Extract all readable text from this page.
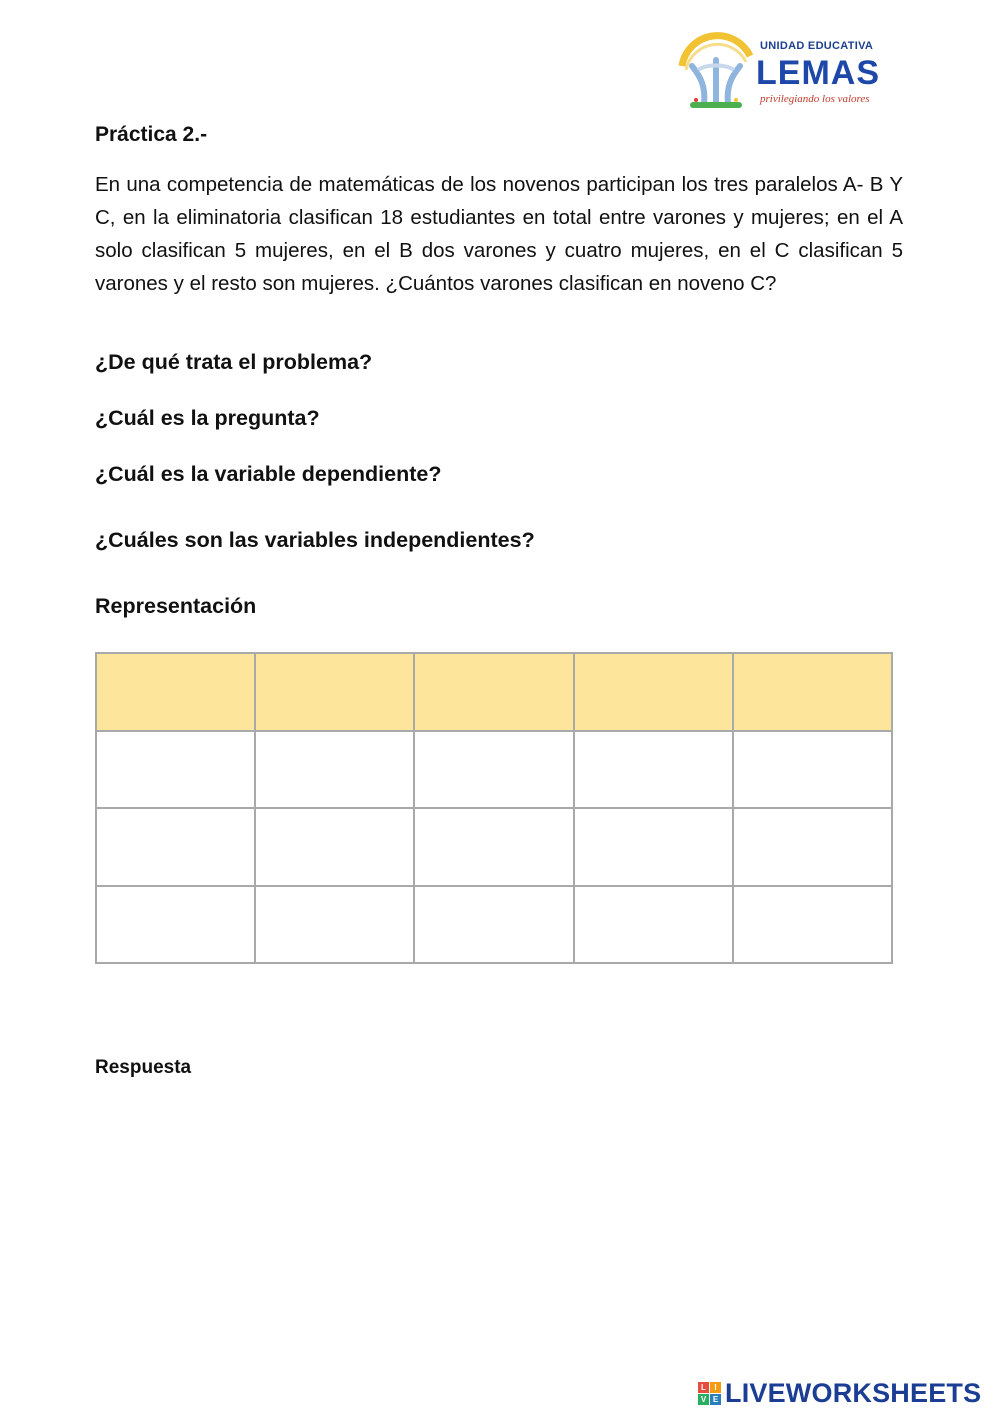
UNIDAD EDUCATIVA
LEMAS
privilegiando los valores
Práctica 2.-

En una competencia de matemáticas de los novenos participan los tres paralelos A- B Y C, en la eliminatoria clasifican 18 estudiantes en total entre varones y mujeres; en el A solo clasifican 5 mujeres, en el B dos varones y cuatro mujeres, en el C clasifican 5 varones y el resto son mujeres. ¿Cuántos varones clasifican en noveno C?

¿De qué trata el problema?
¿Cuál es la pregunta?
¿Cuál es la variable dependiente?
¿Cuáles son las variables independientes?
Representación

Respuesta
L	I
V E LIVEWORKSHEETS
